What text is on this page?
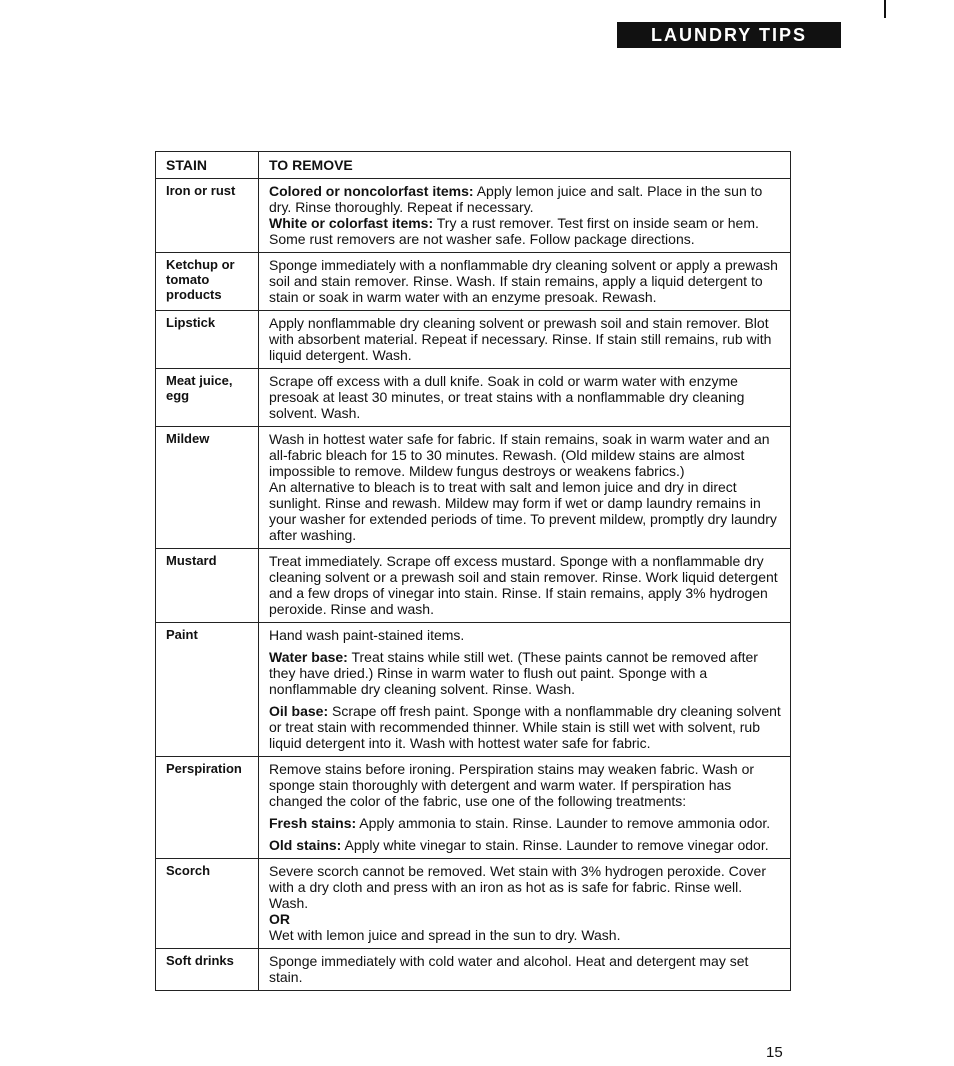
LAUNDRY TIPS
STAIN	TO REMOVE
Iron or rust	Colored or noncolorfast items: Apply lemon juice and salt. Place in the sun to dry. Rinse thoroughly. Repeat if necessary.

White or colorfast items: Try a rust remover. Test first on inside seam or hem. Some rust removers are not washer safe. Follow package directions.

Ketchup or tomato products	Sponge immediately with a nonflammable dry cleaning solvent or apply a prewash soil and stain remover. Rinse. Wash. If stain remains, apply a liquid detergent to stain or soak in warm water with an enzyme presoak. Rewash.

Lipstick	Apply nonflammable dry cleaning solvent or prewash soil and stain remover. Blot with absorbent material. Repeat if necessary. Rinse. If stain still remains, rub with liquid detergent. Wash.

Meat juice, egg	Scrape off excess with a dull knife. Soak in cold or warm water with enzyme presoak at least 30 minutes, or treat stains with a nonflammable dry cleaning solvent. Wash.

Mildew	Wash in hottest water safe for fabric. If stain remains, soak in warm water and an all-fabric bleach for 15 to 30 minutes. Rewash. (Old mildew stains are almost impossible to remove. Mildew fungus destroys or weakens fabrics.)

An alternative to bleach is to treat with salt and lemon juice and dry in direct sunlight. Rinse and rewash. Mildew may form if wet or damp laundry remains in your washer for extended periods of time. To prevent mildew, promptly dry laundry after washing.

Mustard	Treat immediately. Scrape off excess mustard. Sponge with a nonflammable dry cleaning solvent or a prewash soil and stain remover. Rinse. Work liquid detergent and a few drops of vinegar into stain. Rinse. If stain remains, apply 3% hydrogen peroxide. Rinse and wash.

Paint	Hand wash paint-stained items.

Water base: Treat stains while still wet. (These paints cannot be removed after they have dried.) Rinse in warm water to flush out paint. Sponge with a nonflammable dry cleaning solvent. Rinse. Wash.

Oil base: Scrape off fresh paint. Sponge with a nonflammable dry cleaning solvent or treat stain with recommended thinner. While stain is still wet with solvent, rub liquid detergent into it. Wash with hottest water safe for fabric.

Perspiration	Remove stains before ironing. Perspiration stains may weaken fabric. Wash or sponge stain thoroughly with detergent and warm water. If perspiration has changed the color of the fabric, use one of the following treatments:

Fresh stains: Apply ammonia to stain. Rinse. Launder to remove ammonia odor.

Old stains: Apply white vinegar to stain. Rinse. Launder to remove vinegar odor.

Scorch	Severe scorch cannot be removed. Wet stain with 3% hydrogen peroxide. Cover with a dry cloth and press with an iron as hot as is safe for fabric. Rinse well. Wash.

OR

Wet with lemon juice and spread in the sun to dry. Wash.

Soft drinks	Sponge immediately with cold water and alcohol. Heat and detergent may set stain.

15
